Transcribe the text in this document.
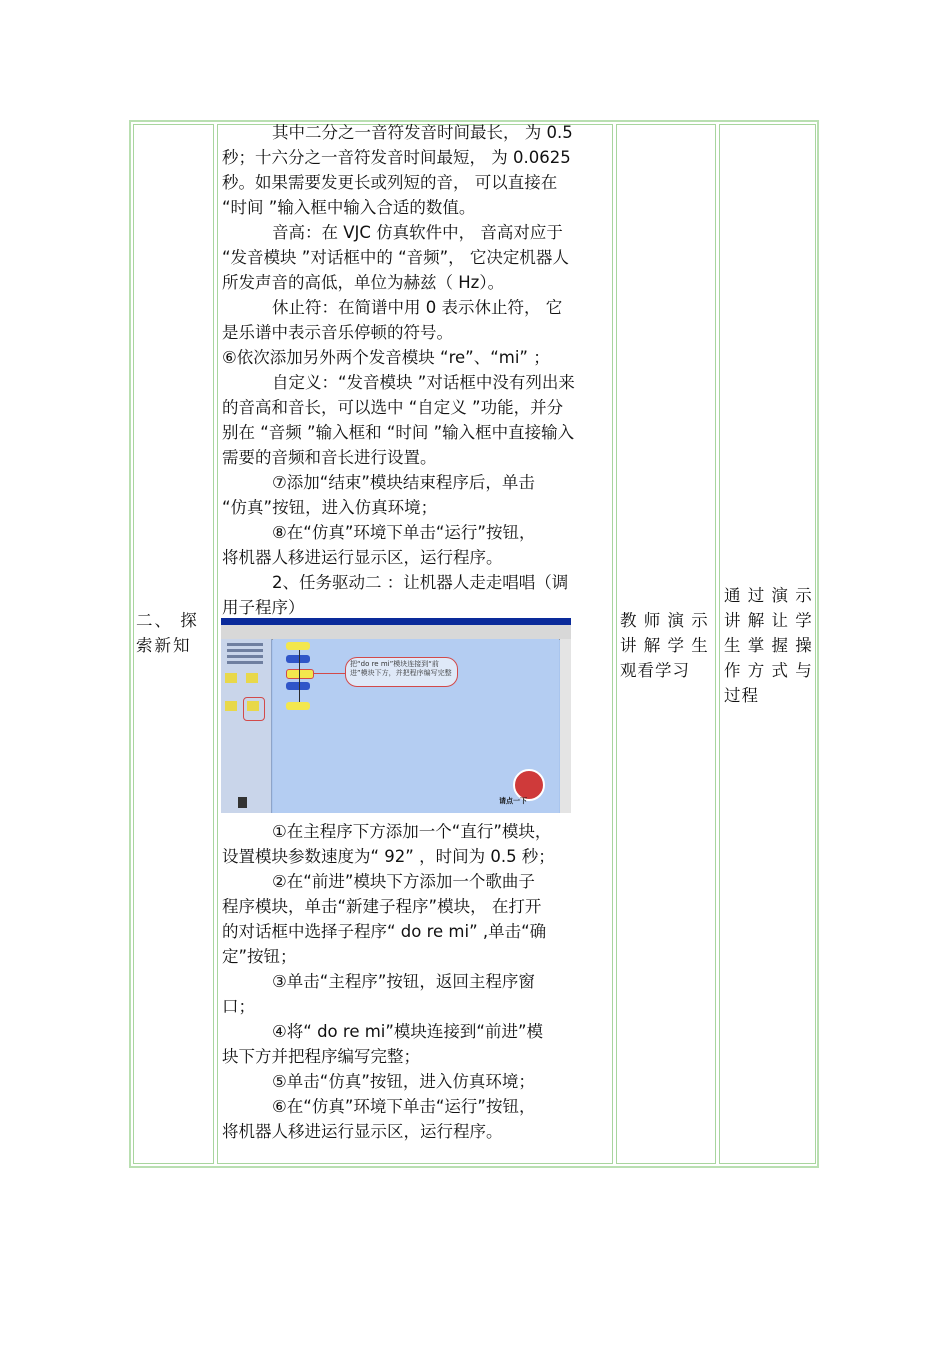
二、 探索新知
教 师 演 示 讲 解 学 生 观看学习
通 过 演 示 讲 解 让 学 生 掌 握 操 作 方 式 与 过程
其中二分之一音符发音时间最长， 为 0.5
秒；十六分之一音符发音时间最短， 为 0.0625
秒。如果需要发更长或列短的音， 可以直接在
“时间 ”输入框中输入合适的数值。
音高：在 VJC 仿真软件中， 音高对应于
“发音模块 ”对话框中的 “音频”， 它决定机器人
所发声音的高低，单位为赫兹（ Hz）。
休止符：在简谱中用 0 表示休止符， 它
是乐谱中表示音乐停顿的符号。
⑥依次添加另外两个发音模块 “re”、“mi” ；
自定义：“发音模块 ”对话框中没有列出来
的音高和音长，可以选中 “自定义 ”功能，并分
别在 “音频 ”输入框和 “时间 ”输入框中直接输入
需要的音频和音长进行设置。
⑦添加“结束”模块结束程序后，单击
“仿真”按钮，进入仿真环境；
⑧在“仿真”环境下单击“运行”按钮，
将机器人移进运行显示区，运行程序。
2、任务驱动二 ：让机器人走走唱唱（调
用子程序）
把“do re mi”模块连接到“前进”模块下方，并把程序编写完整
请点一下
①在主程序下方添加一个“直行”模块，
设置模块参数速度为“ 92” ，时间为 0.5 秒；
②在“前进”模块下方添加一个歌曲子
程序模块，单击“新建子程序”模块， 在打开
的对话框中选择子程序“ do re mi” ,单击“确
定”按钮；
③单击“主程序”按钮，返回主程序窗
口；
④将“ do re mi”模块连接到“前进”模
块下方并把程序编写完整；
⑤单击“仿真”按钮，进入仿真环境；
⑥在“仿真”环境下单击“运行”按钮，
将机器人移进运行显示区，运行程序。
